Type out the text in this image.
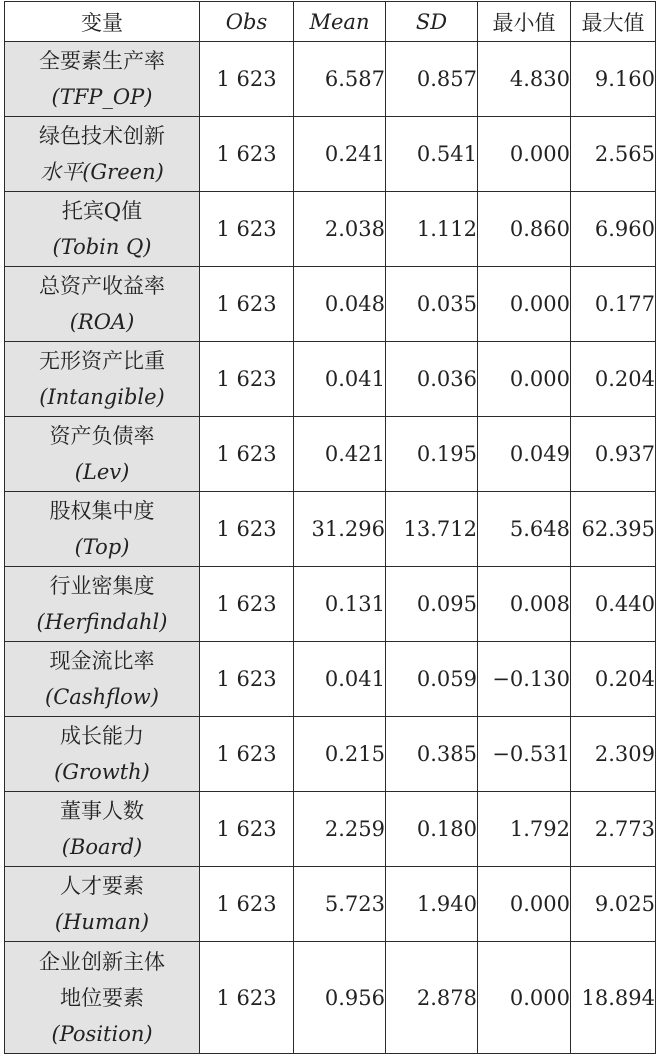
变量	Obs	Mean	SD	最小值	最大值

全要素生产率
(TFP_OP)	1 623	6.587	0.857	4.830	9.160

绿色技术创新
水平(Green)	1 623	0.241	0.541	0.000	2.565

托宾Q值
(Tobin Q)	1 623	2.038	1.112	0.860	6.960

总资产收益率
(ROA)	1 623	0.048	0.035	0.000	0.177

无形资产比重
(Intangible)	1 623	0.041	0.036	0.000	0.204

资产负债率
(Lev)	1 623	0.421	0.195	0.049	0.937

股权集中度
(Top)	1 623	31.296	13.712	5.648	62.395

行业密集度
(Herfindahl)	1 623	0.131	0.095	0.008	0.440

现金流比率
(Cashflow)	1 623	0.041	0.059	−0.130	0.204

成长能力
(Growth)	1 623	0.215	0.385	−0.531	2.309

董事人数
(Board)	1 623	2.259	0.180	1.792	2.773

人才要素
(Human)	1 623	5.723	1.940	0.000	9.025

企业创新主体
地位要素
(Position)	1 623	0.956	2.878	0.000	18.894
